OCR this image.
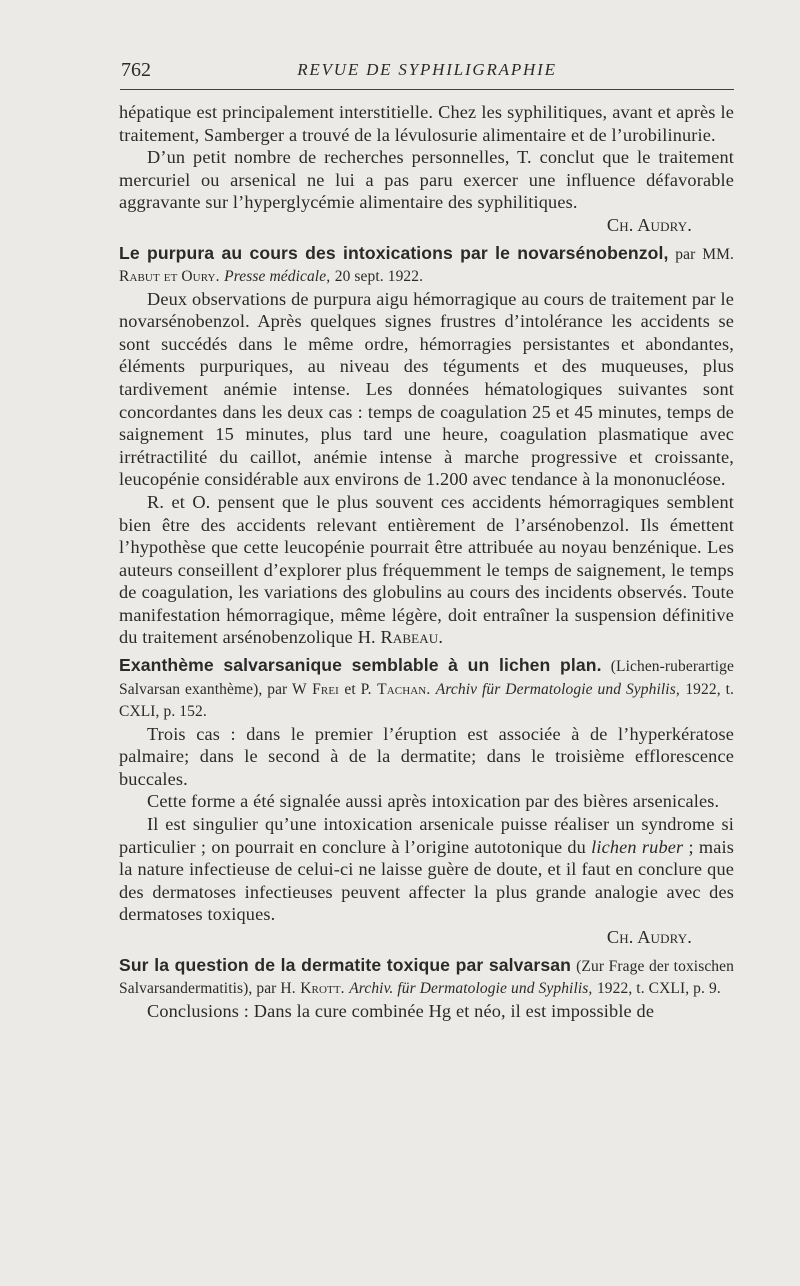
762	REVUE DE SYPHILIGRAPHIE

hépatique est principalement interstitielle. Chez les syphilitiques, avant et après le traitement, Samberger a trouvé de la lévulosurie alimentaire et de l’urobilinurie.

D’un petit nombre de recherches personnelles, T. conclut que le traitement mercuriel ou arsenical ne lui a pas paru exercer une influence défavorable aggravante sur l’hyperglycémie alimentaire des syphilitiques.

Ch. Audry.

Le purpura au cours des intoxications par le novarsénobenzol, par MM. Rabut et Oury. Presse médicale, 20 sept. 1922.

Deux observations de purpura aigu hémorragique au cours de traitement par le novarsénobenzol. Après quelques signes frustres d’intolérance les accidents se sont succédés dans le même ordre, hémorragies persistantes et abondantes, éléments purpuriques, au niveau des téguments et des muqueuses, plus tardivement anémie intense. Les données hématologiques suivantes sont concordantes dans les deux cas : temps de coagulation 25 et 45 minutes, temps de saignement 15 minutes, plus tard une heure, coagulation plasmatique avec irrétractilité du caillot, anémie intense à marche progressive et croissante, leucopénie considérable aux environs de 1.200 avec tendance à la mononucléose.

R. et O. pensent que le plus souvent ces accidents hémorragiques semblent bien être des accidents relevant entièrement de l’arsénobenzol. Ils émettent l’hypothèse que cette leucopénie pourrait être attribuée au noyau benzénique. Les auteurs conseillent d’explorer plus fréquemment le temps de saignement, le temps de coagulation, les variations des globulins au cours des incidents observés. Toute manifestation hémorragique, même légère, doit entraîner la suspension définitive du traitement arsénobenzolique H. Rabeau.

Exanthème salvarsanique semblable à un lichen plan. (Lichen-ruberartige Salvarsan exanthème), par W Frei et P. Tachan. Archiv für Dermatologie und Syphilis, 1922, t. CXLI, p. 152.

Trois cas : dans le premier l’éruption est associée à de l’hyperkératose palmaire; dans le second à de la dermatite; dans le troisième efflorescence buccales.

Cette forme a été signalée aussi après intoxication par des bières arsenicales.

Il est singulier qu’une intoxication arsenicale puisse réaliser un syndrome si particulier ; on pourrait en conclure à l’origine autotonique du lichen ruber ; mais la nature infectieuse de celui-ci ne laisse guère de doute, et il faut en conclure que des dermatoses infectieuses peuvent affecter la plus grande analogie avec des dermatoses toxiques.

Ch. Audry.

Sur la question de la dermatite toxique par salvarsan (Zur Frage der toxischen Salvarsandermatitis), par H. Krott. Archiv. für Dermatologie und Syphilis, 1922, t. CXLI, p. 9.

Conclusions : Dans la cure combinée Hg et néo, il est impossible de
